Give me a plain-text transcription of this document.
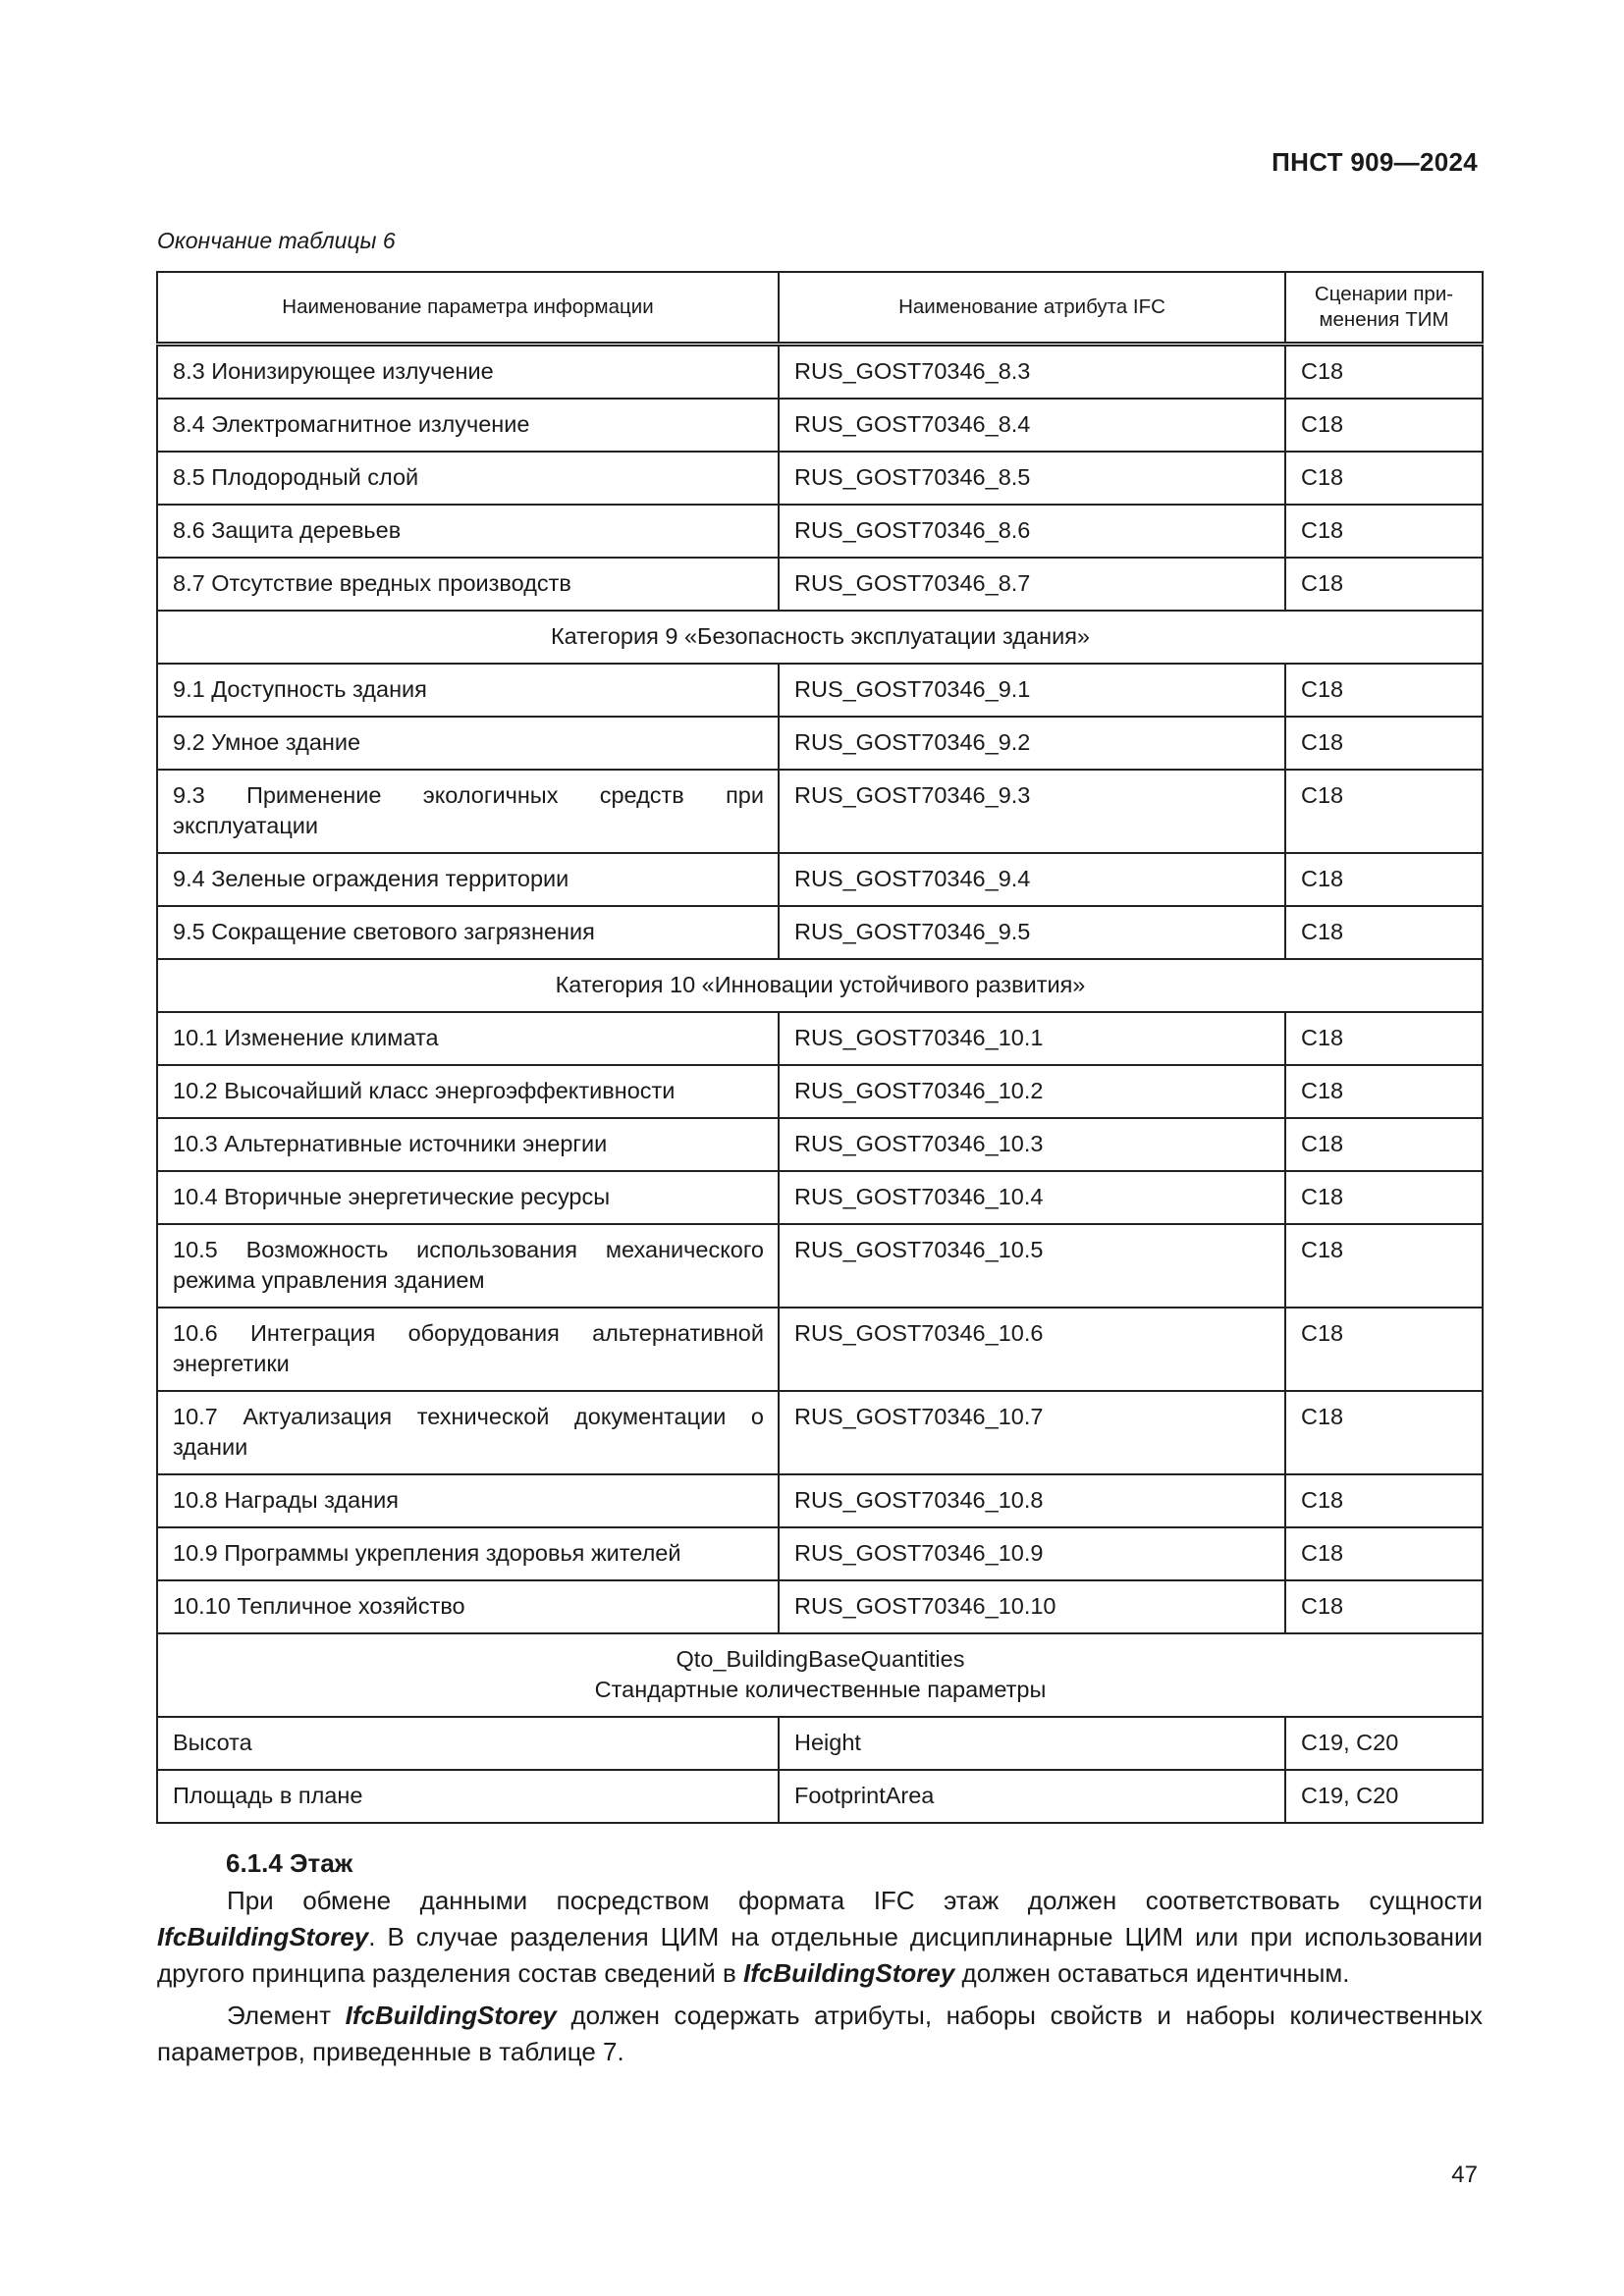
ПНСТ 909—2024
Окончание таблицы 6
Наименование параметра информации	Наименование атрибута IFC	Сценарии при-менения ТИМ

8.3 Ионизирующее излучение	RUS_GOST70346_8.3	C18

8.4 Электромагнитное излучение	RUS_GOST70346_8.4	C18

8.5 Плодородный слой	RUS_GOST70346_8.5	C18

8.6 Защита деревьев	RUS_GOST70346_8.6	C18

8.7 Отсутствие вредных производств	RUS_GOST70346_8.7	C18

Категория 9 «Безопасность эксплуатации здания»		

9.1 Доступность здания	RUS_GOST70346_9.1	C18

9.2 Умное здание	RUS_GOST70346_9.2	C18

9.3 Применение экологичных средств при эксплуатации	RUS_GOST70346_9.3	C18

9.4 Зеленые ограждения территории	RUS_GOST70346_9.4	C18

9.5 Сокращение светового загрязнения	RUS_GOST70346_9.5	C18

Категория 10 «Инновации устойчивого развития»		

10.1 Изменение климата	RUS_GOST70346_10.1	C18

10.2 Высочайший класс энергоэффективности	RUS_GOST70346_10.2	C18

10.3 Альтернативные источники энергии	RUS_GOST70346_10.3	C18

10.4 Вторичные энергетические ресурсы	RUS_GOST70346_10.4	C18

10.5 Возможность использования механического режима управления зданием	RUS_GOST70346_10.5	C18

10.6 Интеграция оборудования альтернативной энергетики	RUS_GOST70346_10.6	C18

10.7 Актуализация технической документации о здании	RUS_GOST70346_10.7	C18

10.8 Награды здания	RUS_GOST70346_10.8	C18

10.9 Программы укрепления здоровья жителей	RUS_GOST70346_10.9	C18

10.10 Тепличное хозяйство	RUS_GOST70346_10.10	C18

Qto_BuildingBaseQuantities
Стандартные количественные параметры		

Высота	Height	C19, C20

Площадь в плане	FootprintArea	C19, C20
6.1.4 Этаж
При обмене данными посредством формата IFC этаж должен соответствовать сущности IfcBuildingStorey. В случае разделения ЦИМ на отдельные дисциплинарные ЦИМ или при использовании другого принципа разделения состав сведений в IfcBuildingStorey должен оставаться идентичным.
Элемент IfcBuildingStorey должен содержать атрибуты, наборы свойств и наборы количественных параметров, приведенные в таблице 7.
47
